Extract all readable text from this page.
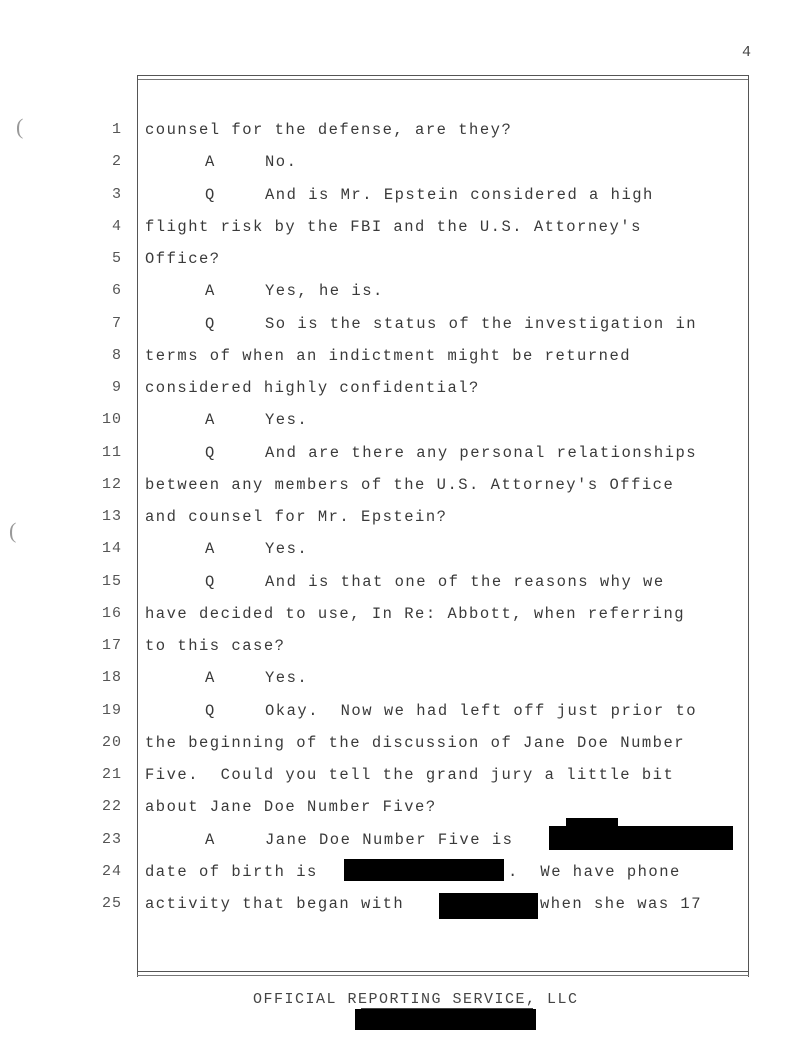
4
(
(
1 counsel for the defense, are they?
2	A	No.
3	Q	And is Mr. Epstein considered a high
4 flight risk by the FBI and the U.S. Attorney's
5 Office?
6	A	Yes, he is.
7	Q	So is the status of the investigation in
8 terms of when an indictment might be returned
9 considered highly confidential?
10	A	Yes.
11	Q	And are there any personal relationships
12 between any members of the U.S. Attorney's Office
13 and counsel for Mr. Epstein?
14	A	Yes.
15	Q	And is that one of the reasons why we
16 have decided to use, In Re: Abbott, when referring
17 to this case?
18	A	Yes.
19	Q	Okay.  Now we had left off just prior to
20 the beginning of the discussion of Jane Doe Number
21 Five.  Could you tell the grand jury a little bit
22 about Jane Doe Number Five?
23	A	Jane Doe Number Five is
24 date of birth is	.  We have phone
25 activity that began with	when she was 17
OFFICIAL REPORTING SERVICE, LLC
